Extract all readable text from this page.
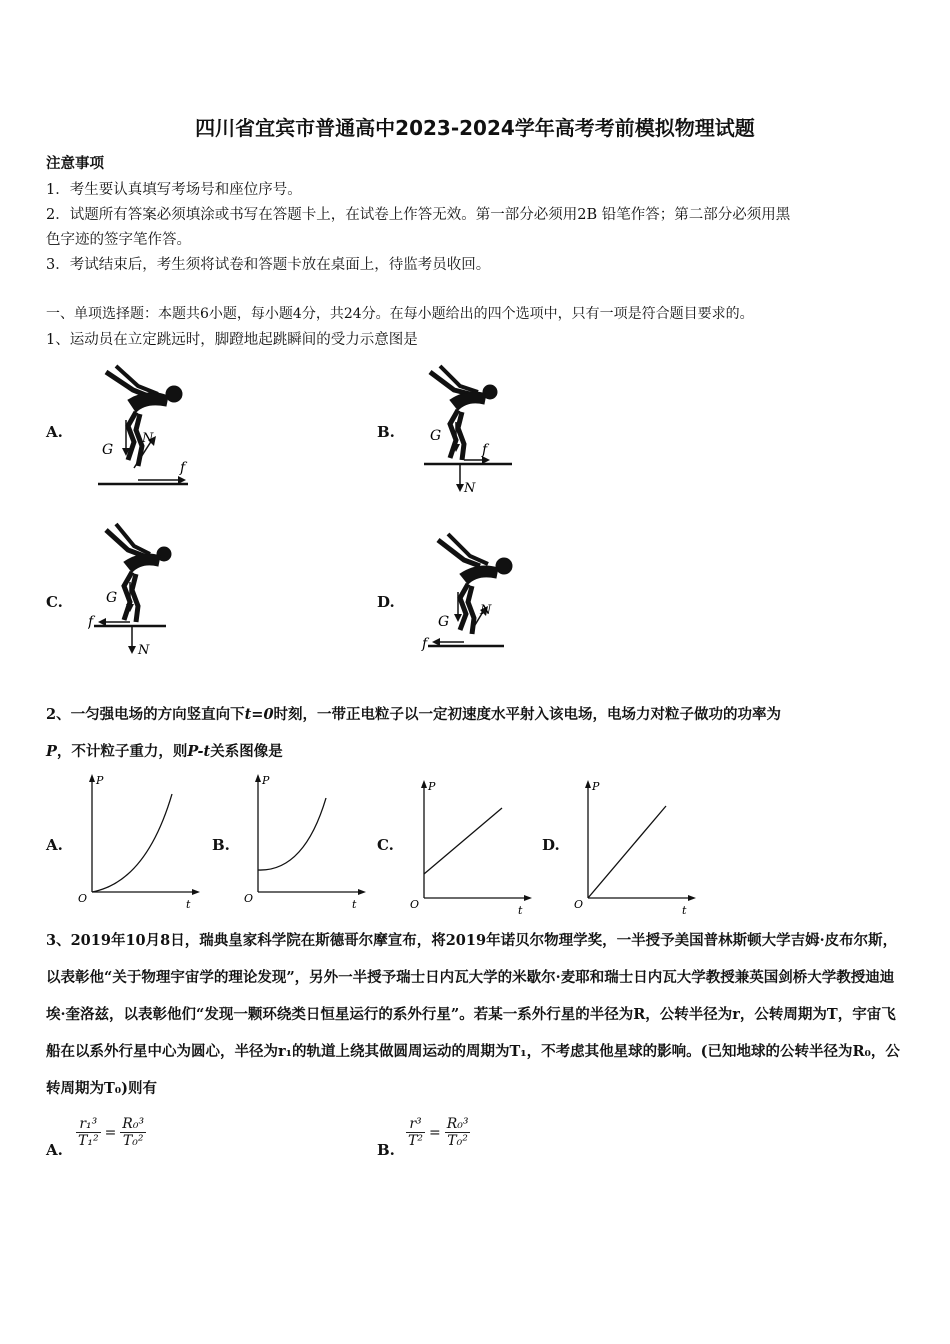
四川省宜宾市普通高中2023-2024学年高考考前模拟物理试题
注意事项
1．考生要认真填写考场号和座位序号。
2．试题所有答案必须填涂或书写在答题卡上，在试卷上作答无效。第一部分必须用2B 铅笔作答；第二部分必须用黑
色字迹的签字笔作答。
3．考试结束后，考生须将试卷和答题卡放在桌面上，待监考员收回。
一、单项选择题：本题共6小题，每小题4分，共24分。在每小题给出的四个选项中，只有一项是符合题目要求的。
1、运动员在立定跳远时，脚蹬地起跳瞬间的受力示意图是
A.	B.
C.	D.
G
N
f
G
N
f
G
N
f	G
N
f
2、一匀强电场的方向竖直向下t=0时刻，一带正电粒子以一定初速度水平射入该电场，电场力对粒子做功的功率为
P，不计粒子重力，则P-t关系图像是
A.	B.	C.	D.
P
O	t
P
O	t
P
O	t
P
O	t
3、2019年10月8日，瑞典皇家科学院在斯德哥尔摩宣布，将2019年诺贝尔物理学奖，一半授予美国普林斯顿大学吉姆·皮布尔斯，以表彰他“关于物理宇宙学的理论发现”，另外一半授予瑞士日内瓦大学的米歇尔·麦耶和瑞士日内瓦大学教授兼英国剑桥大学教授迪迪埃·奎洛兹，以表彰他们“发现一颗环绕类日恒星运行的系外行星”。若某一系外行星的半径为R，公转半径为r，公转周期为T，宇宙飞船在以系外行星中心为圆心，半径为r₁的轨道上绕其做圆周运动的周期为T₁，不考虑其他星球的影响。(已知地球的公转半径为R₀，公转周期为T₀)则有
A.
$\frac{\text{r₁³}}{\text{T₁²}} = \frac{\text{R₀³}}{\text{T₀²}}$
B.
$\frac{\text{r³}}{\text{T²}} = \frac{\text{R₀³}}{\text{T₀²}}$
